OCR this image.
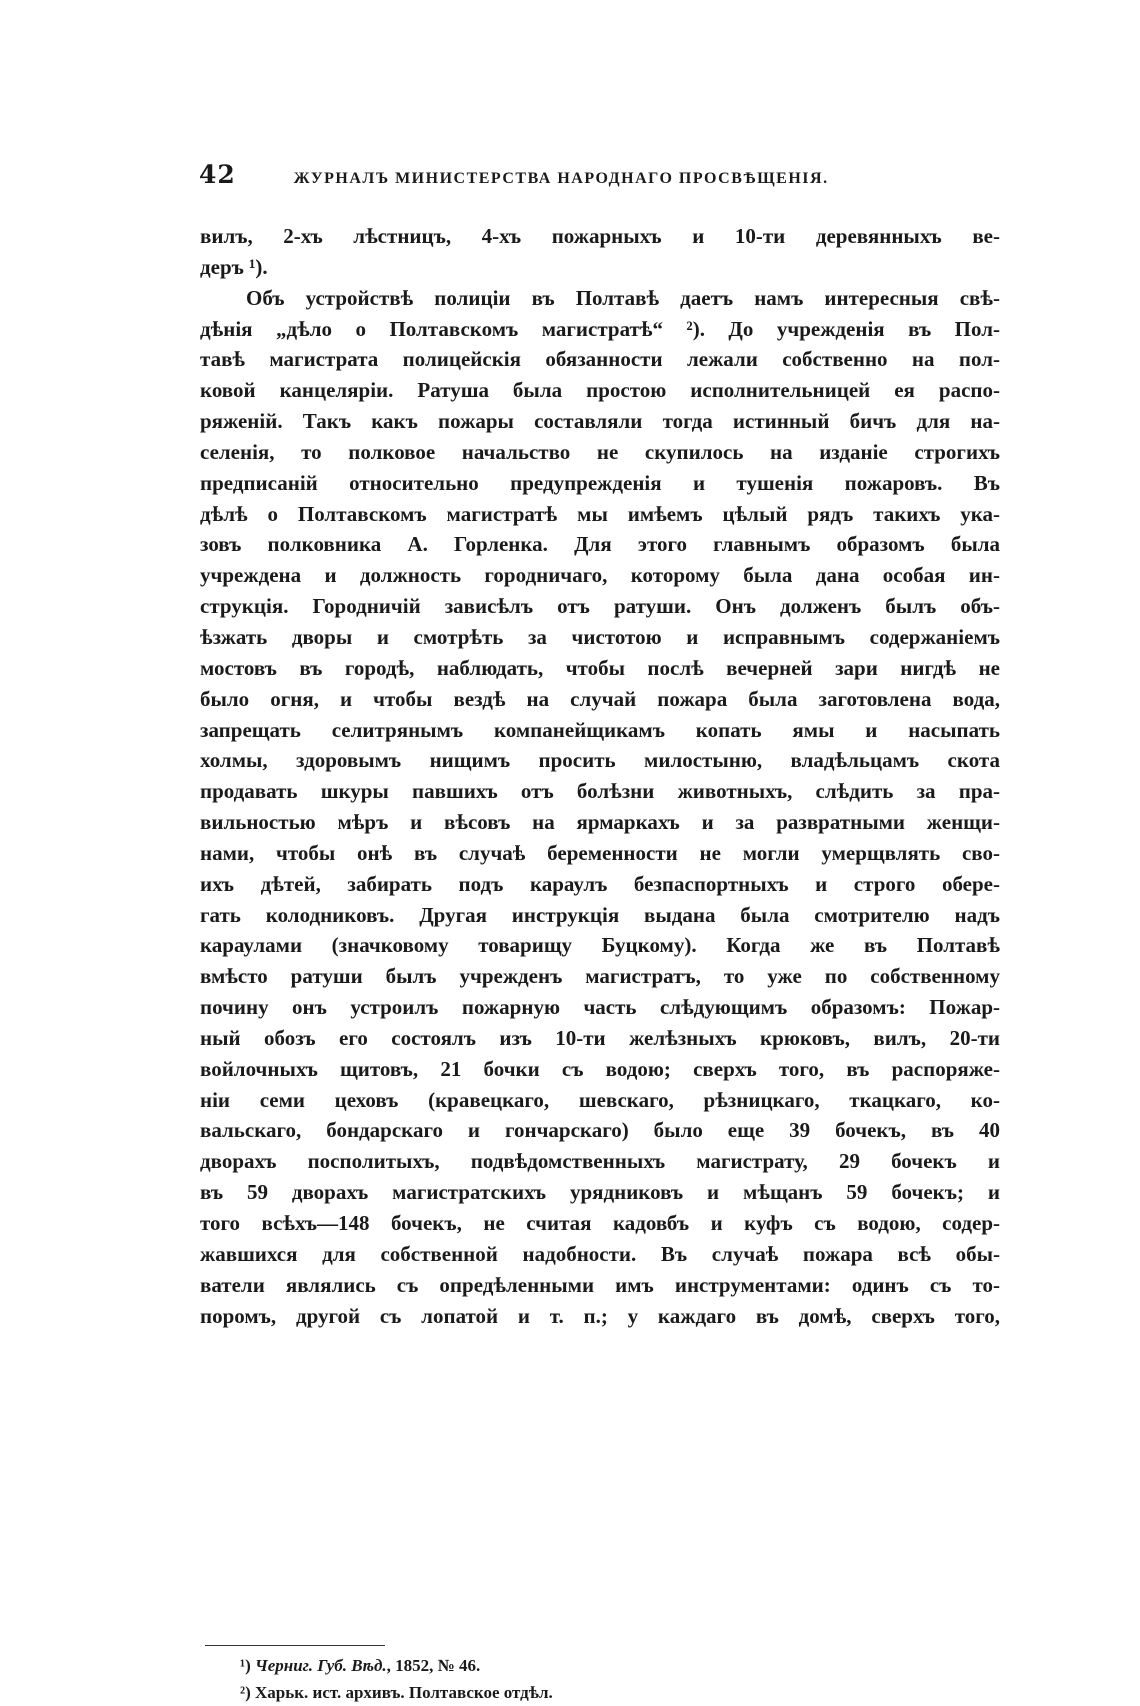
42	ЖУРНАЛЪ МИНИСТЕРСТВА НАРОДНАГО ПРОСВѢЩЕНІЯ.
вилъ, 2-хъ лѣстницъ, 4-хъ пожарныхъ и 10-ти деревянныхъ ве-
деръ ¹).
Объ устройствѣ полиціи въ Полтавѣ даетъ намъ интересныя свѣ-
дѣнія „дѣло о Полтавскомъ магистратѣ“ ²). До учрежденія въ Пол-
тавѣ магистрата полицейскія обязанности лежали собственно на пол-
ковой канцеляріи. Ратуша была простою исполнительницей ея распо-
ряженій. Такъ какъ пожары составляли тогда истинный бичъ для на-
селенія, то полковое начальство не скупилось на изданіе строгихъ
предписаній относительно предупрежденія и тушенія пожаровъ. Въ
дѣлѣ о Полтавскомъ магистратѣ мы имѣемъ цѣлый рядъ такихъ ука-
зовъ полковника А. Горленка. Для этого главнымъ образомъ была
учреждена и должность городничаго, которому была дана особая ин-
струкція. Городничій зависѣлъ отъ ратуши. Онъ долженъ былъ объ-
ѣзжать дворы и смотрѣть за чистотою и исправнымъ содержаніемъ
мостовъ въ городѣ, наблюдать, чтобы послѣ вечерней зари нигдѣ не
было огня, и чтобы вездѣ на случай пожара была заготовлена вода,
запрещать селитрянымъ компанейщикамъ копать ямы и насыпать
холмы, здоровымъ нищимъ просить милостыню, владѣльцамъ скота
продавать шкуры павшихъ отъ болѣзни животныхъ, слѣдить за пра-
вильностью мѣръ и вѣсовъ на ярмаркахъ и за развратными женщи-
нами, чтобы онѣ въ случаѣ беременности не могли умерщвлять сво-
ихъ дѣтей, забирать подъ караулъ безпаспортныхъ и строго обере-
гать колодниковъ. Другая инструкція выдана была смотрителю надъ
караулами (значковому товарищу Буцкому). Когда же въ Полтавѣ
вмѣсто ратуши былъ учрежденъ магистратъ, то уже по собственному
почину онъ устроилъ пожарную часть слѣдующимъ образомъ: Пожар-
ный обозъ его состоялъ изъ 10-ти желѣзныхъ крюковъ, вилъ, 20-ти
войлочныхъ щитовъ, 21 бочки съ водою; сверхъ того, въ распоряже-
ніи семи цеховъ (кравецкаго, шевскаго, рѣзницкаго, ткацкаго, ко-
вальскаго, бондарскаго и гончарскаго) было еще 39 бочекъ, въ 40
дворахъ посполитыхъ, подвѣдомственныхъ магистрату, 29 бочекъ и
въ 59 дворахъ магистратскихъ урядниковъ и мѣщанъ 59 бочекъ; и
того всѣхъ—148 бочекъ, не считая кадовбъ и куфъ съ водою, содер-
жавшихся для собственной надобности. Въ случаѣ пожара всѣ обы-
ватели являлись съ опредѣленными имъ инструментами: одинъ съ то-
поромъ, другой съ лопатой и т. п.; у каждаго въ домѣ, сверхъ того,
¹) Черниг. Губ. Вѣд., 1852, № 46.
²) Харьк. ист. архивъ. Полтавское отдѣл.
